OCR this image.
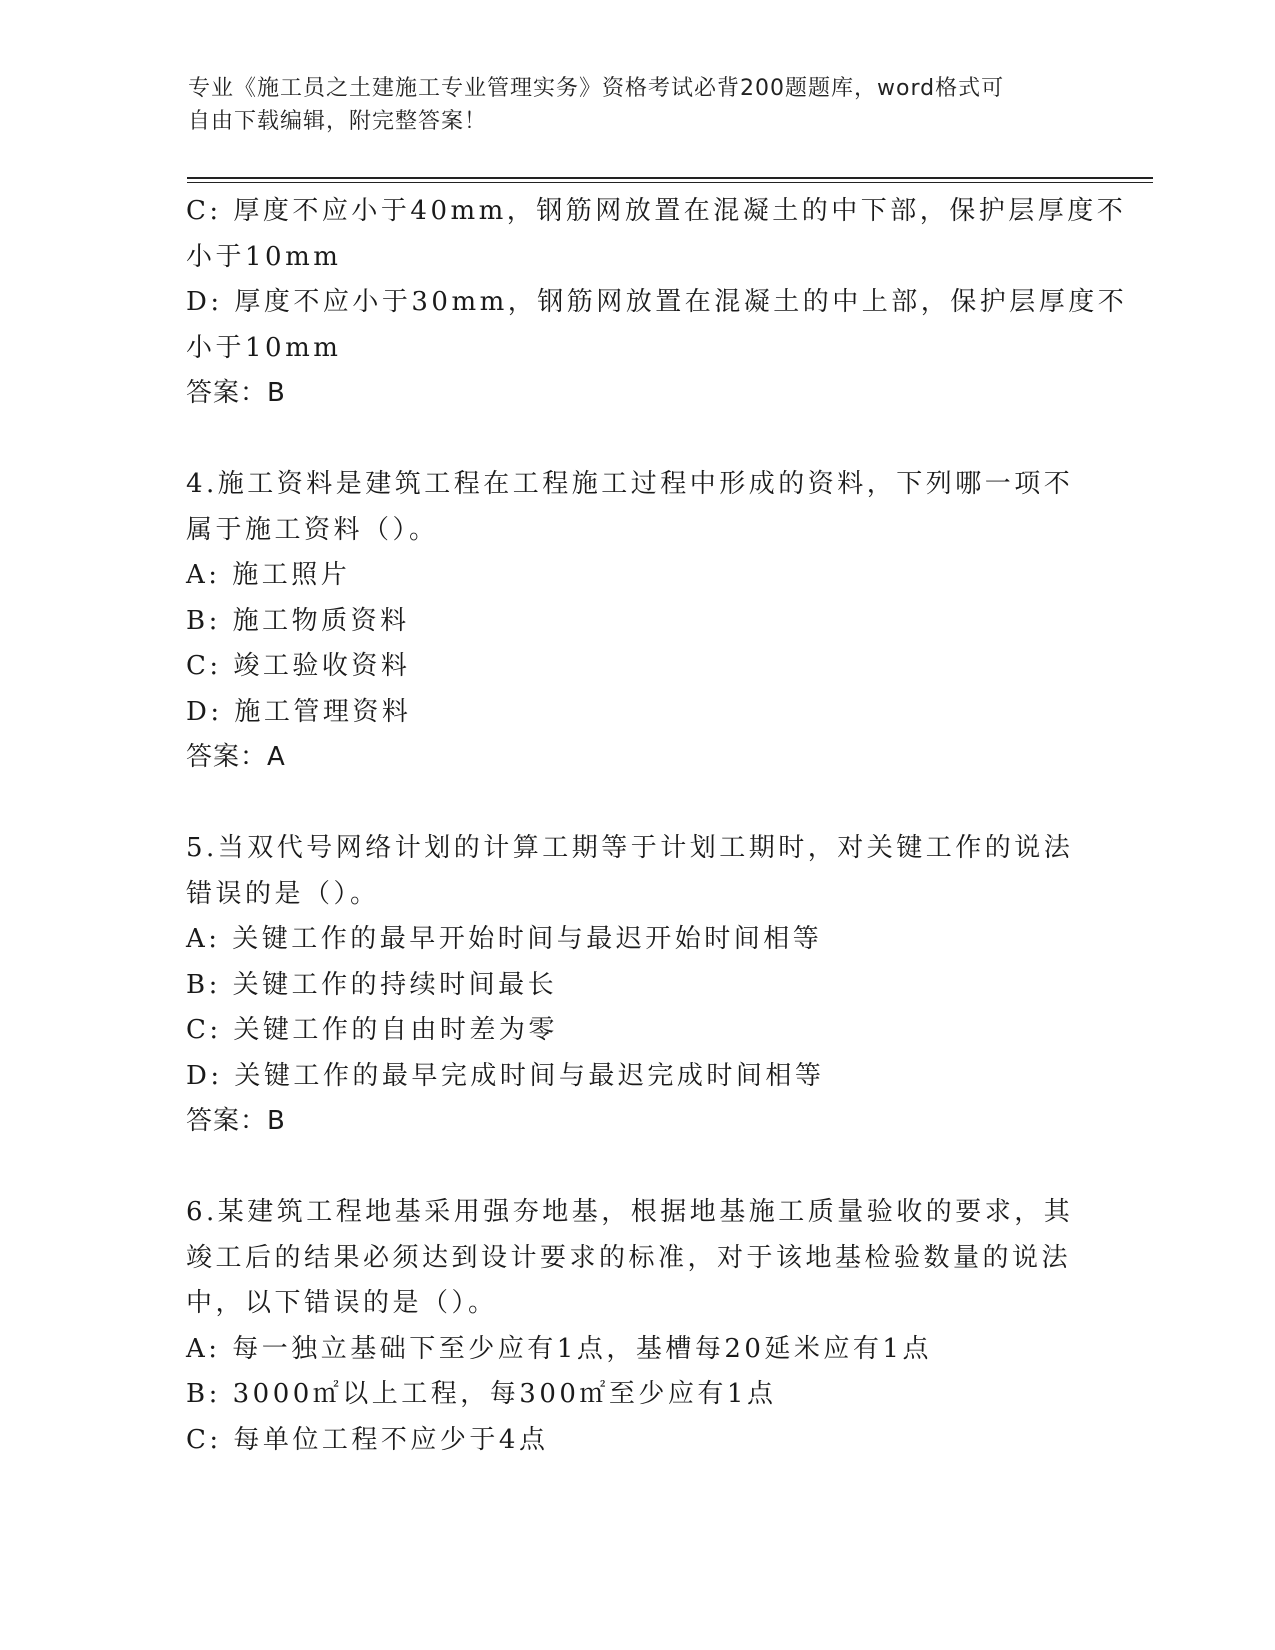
专业《施工员之土建施工专业管理实务》资格考试必背200题题库，word格式可
自由下载编辑，附完整答案！
C: 厚度不应小于40mm，钢筋网放置在混凝土的中下部，保护层厚度不
小于10mm
D: 厚度不应小于30mm，钢筋网放置在混凝土的中上部，保护层厚度不
小于10mm
答案：B
4.施工资料是建筑工程在工程施工过程中形成的资料，下列哪一项不
属于施工资料（）。
A: 施工照片
B: 施工物质资料
C: 竣工验收资料
D: 施工管理资料
答案：A
5.当双代号网络计划的计算工期等于计划工期时，对关键工作的说法
错误的是（）。
A: 关键工作的最早开始时间与最迟开始时间相等
B: 关键工作的持续时间最长
C: 关键工作的自由时差为零
D: 关键工作的最早完成时间与最迟完成时间相等
答案：B
6.某建筑工程地基采用强夯地基，根据地基施工质量验收的要求，其
竣工后的结果必须达到设计要求的标准，对于该地基检验数量的说法
中，以下错误的是（）。
A: 每一独立基础下至少应有1点，基槽每20延米应有1点
B: 3000㎡以上工程，每300㎡至少应有1点
C: 每单位工程不应少于4点
